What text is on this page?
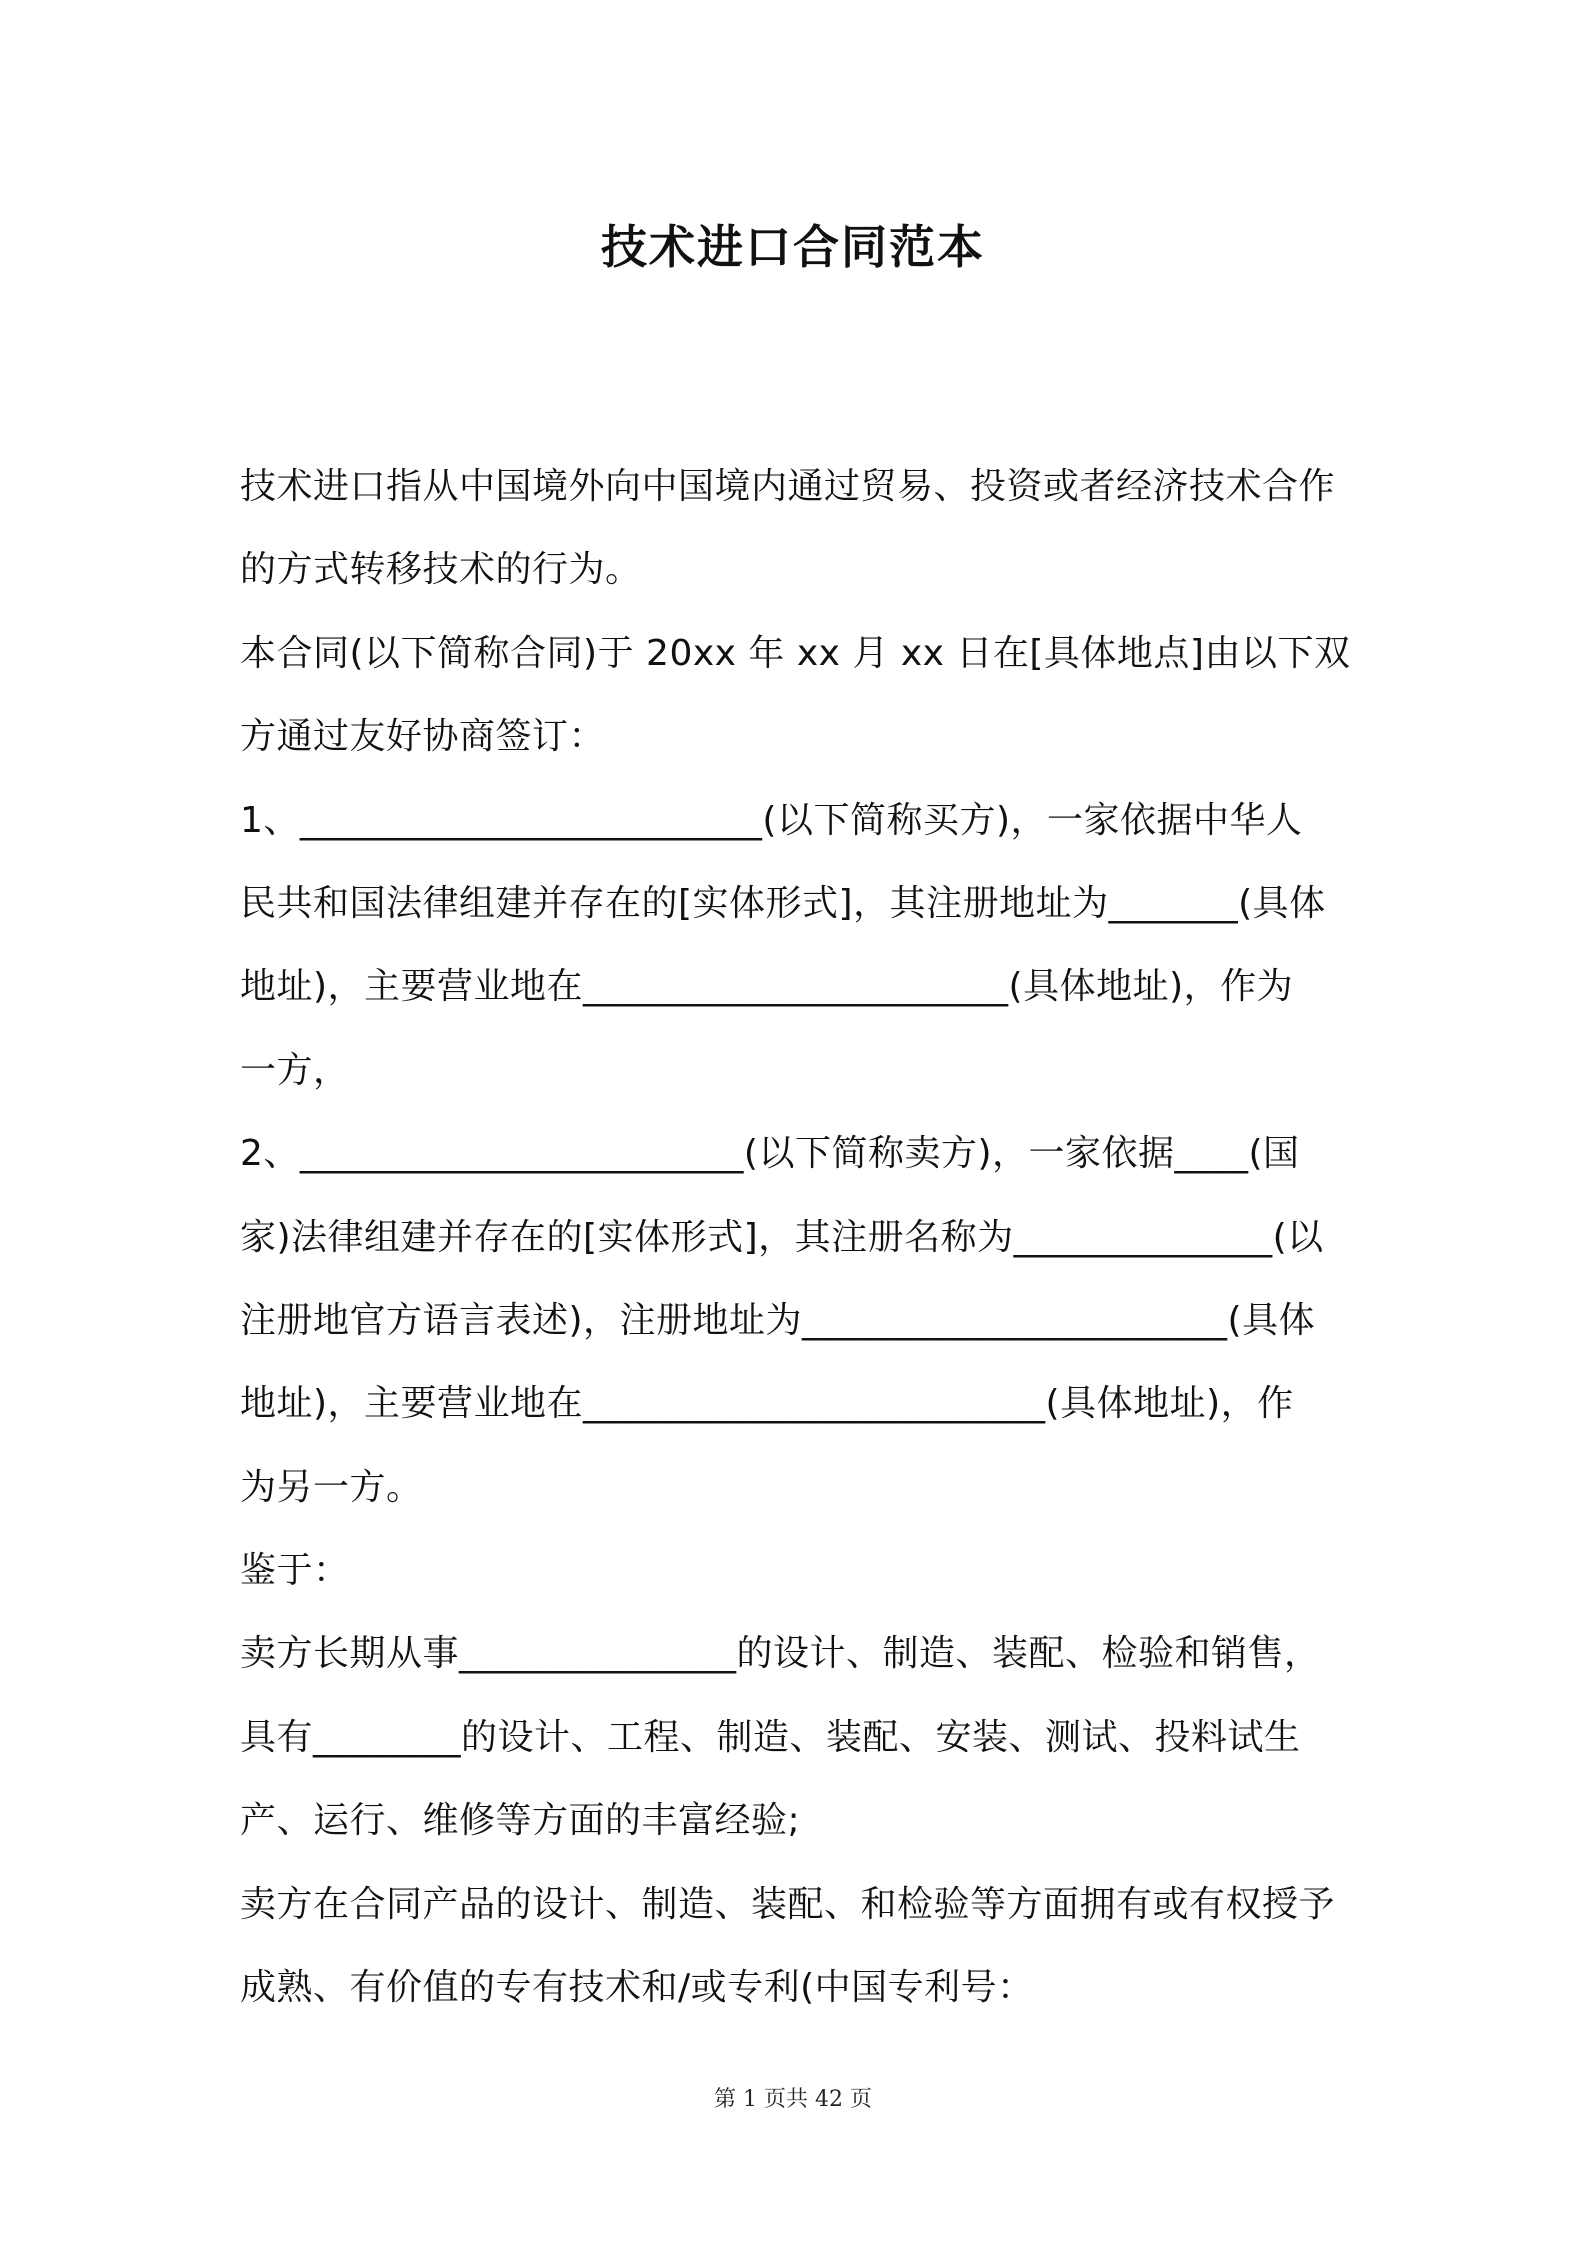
技术进口合同范本
技术进口指从中国境外向中国境内通过贸易、投资或者经济技术合作
的方式转移技术的行为。
本合同(以下简称合同)于 20xx 年 xx 月 xx 日在[具体地点]由以下双
方通过友好协商签订：
1、_________________________(以下简称买方)，一家依据中华人
民共和国法律组建并存在的[实体形式]，其注册地址为_______(具体
地址)，主要营业地在_______________________(具体地址)，作为
一方，
2、________________________(以下简称卖方)，一家依据____(国
家)法律组建并存在的[实体形式]，其注册名称为______________(以
注册地官方语言表述)，注册地址为_______________________(具体
地址)，主要营业地在_________________________(具体地址)，作
为另一方。
鉴于：
卖方长期从事_______________的设计、制造、装配、检验和销售，
具有________的设计、工程、制造、装配、安装、测试、投料试生
产、运行、维修等方面的丰富经验;
卖方在合同产品的设计、制造、装配、和检验等方面拥有或有权授予
成熟、有价值的专有技术和/或专利(中国专利号：
第 1 页共 42 页
